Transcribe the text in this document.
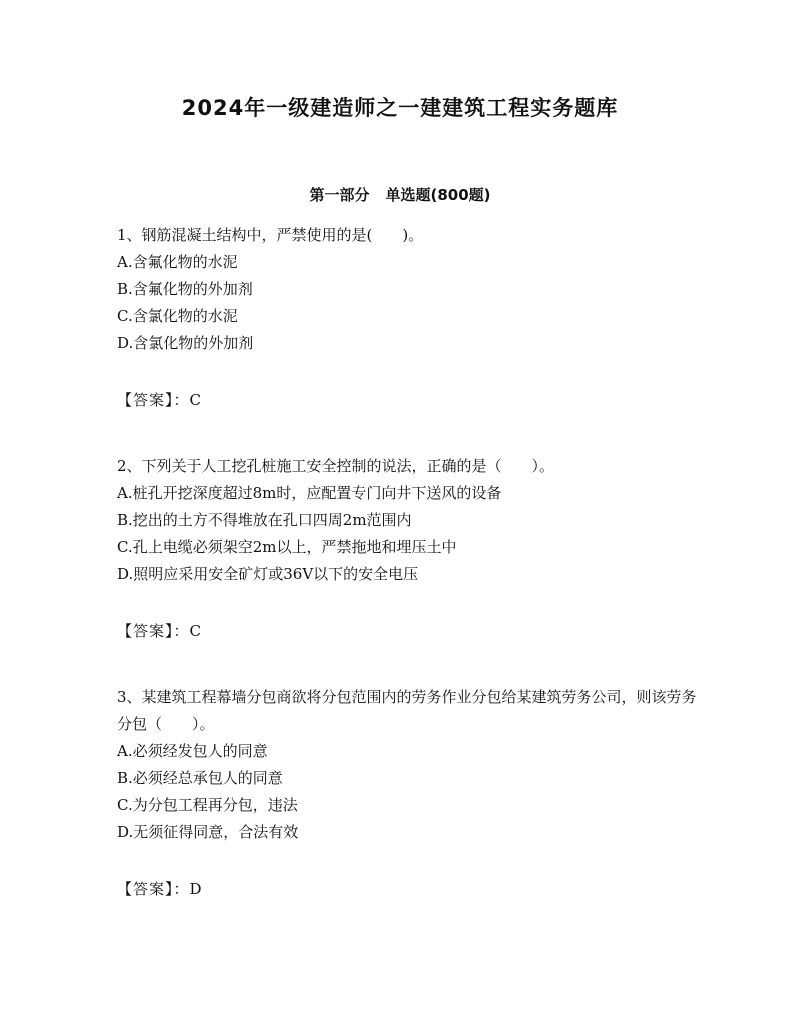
2024年一级建造师之一建建筑工程实务题库
第一部分 单选题(800题)

1、钢筋混凝土结构中，严禁使用的是(　　)。

A.含氟化物的水泥

B.含氟化物的外加剂

C.含氯化物的水泥

D.含氯化物的外加剂

【答案】：C

2、下列关于人工挖孔桩施工安全控制的说法，正确的是（　　）。

A.桩孔开挖深度超过8m时，应配置专门向井下送风的设备

B.挖出的土方不得堆放在孔口四周2m范围内

C.孔上电缆必须架空2m以上，严禁拖地和埋压土中

D.照明应采用安全矿灯或36V以下的安全电压

【答案】：C

3、某建筑工程幕墙分包商欲将分包范围内的劳务作业分包给某建筑劳务公司，则该劳务分包（　　）。

A.必须经发包人的同意

B.必须经总承包人的同意

C.为分包工程再分包，违法

D.无须征得同意，合法有效

【答案】：D
